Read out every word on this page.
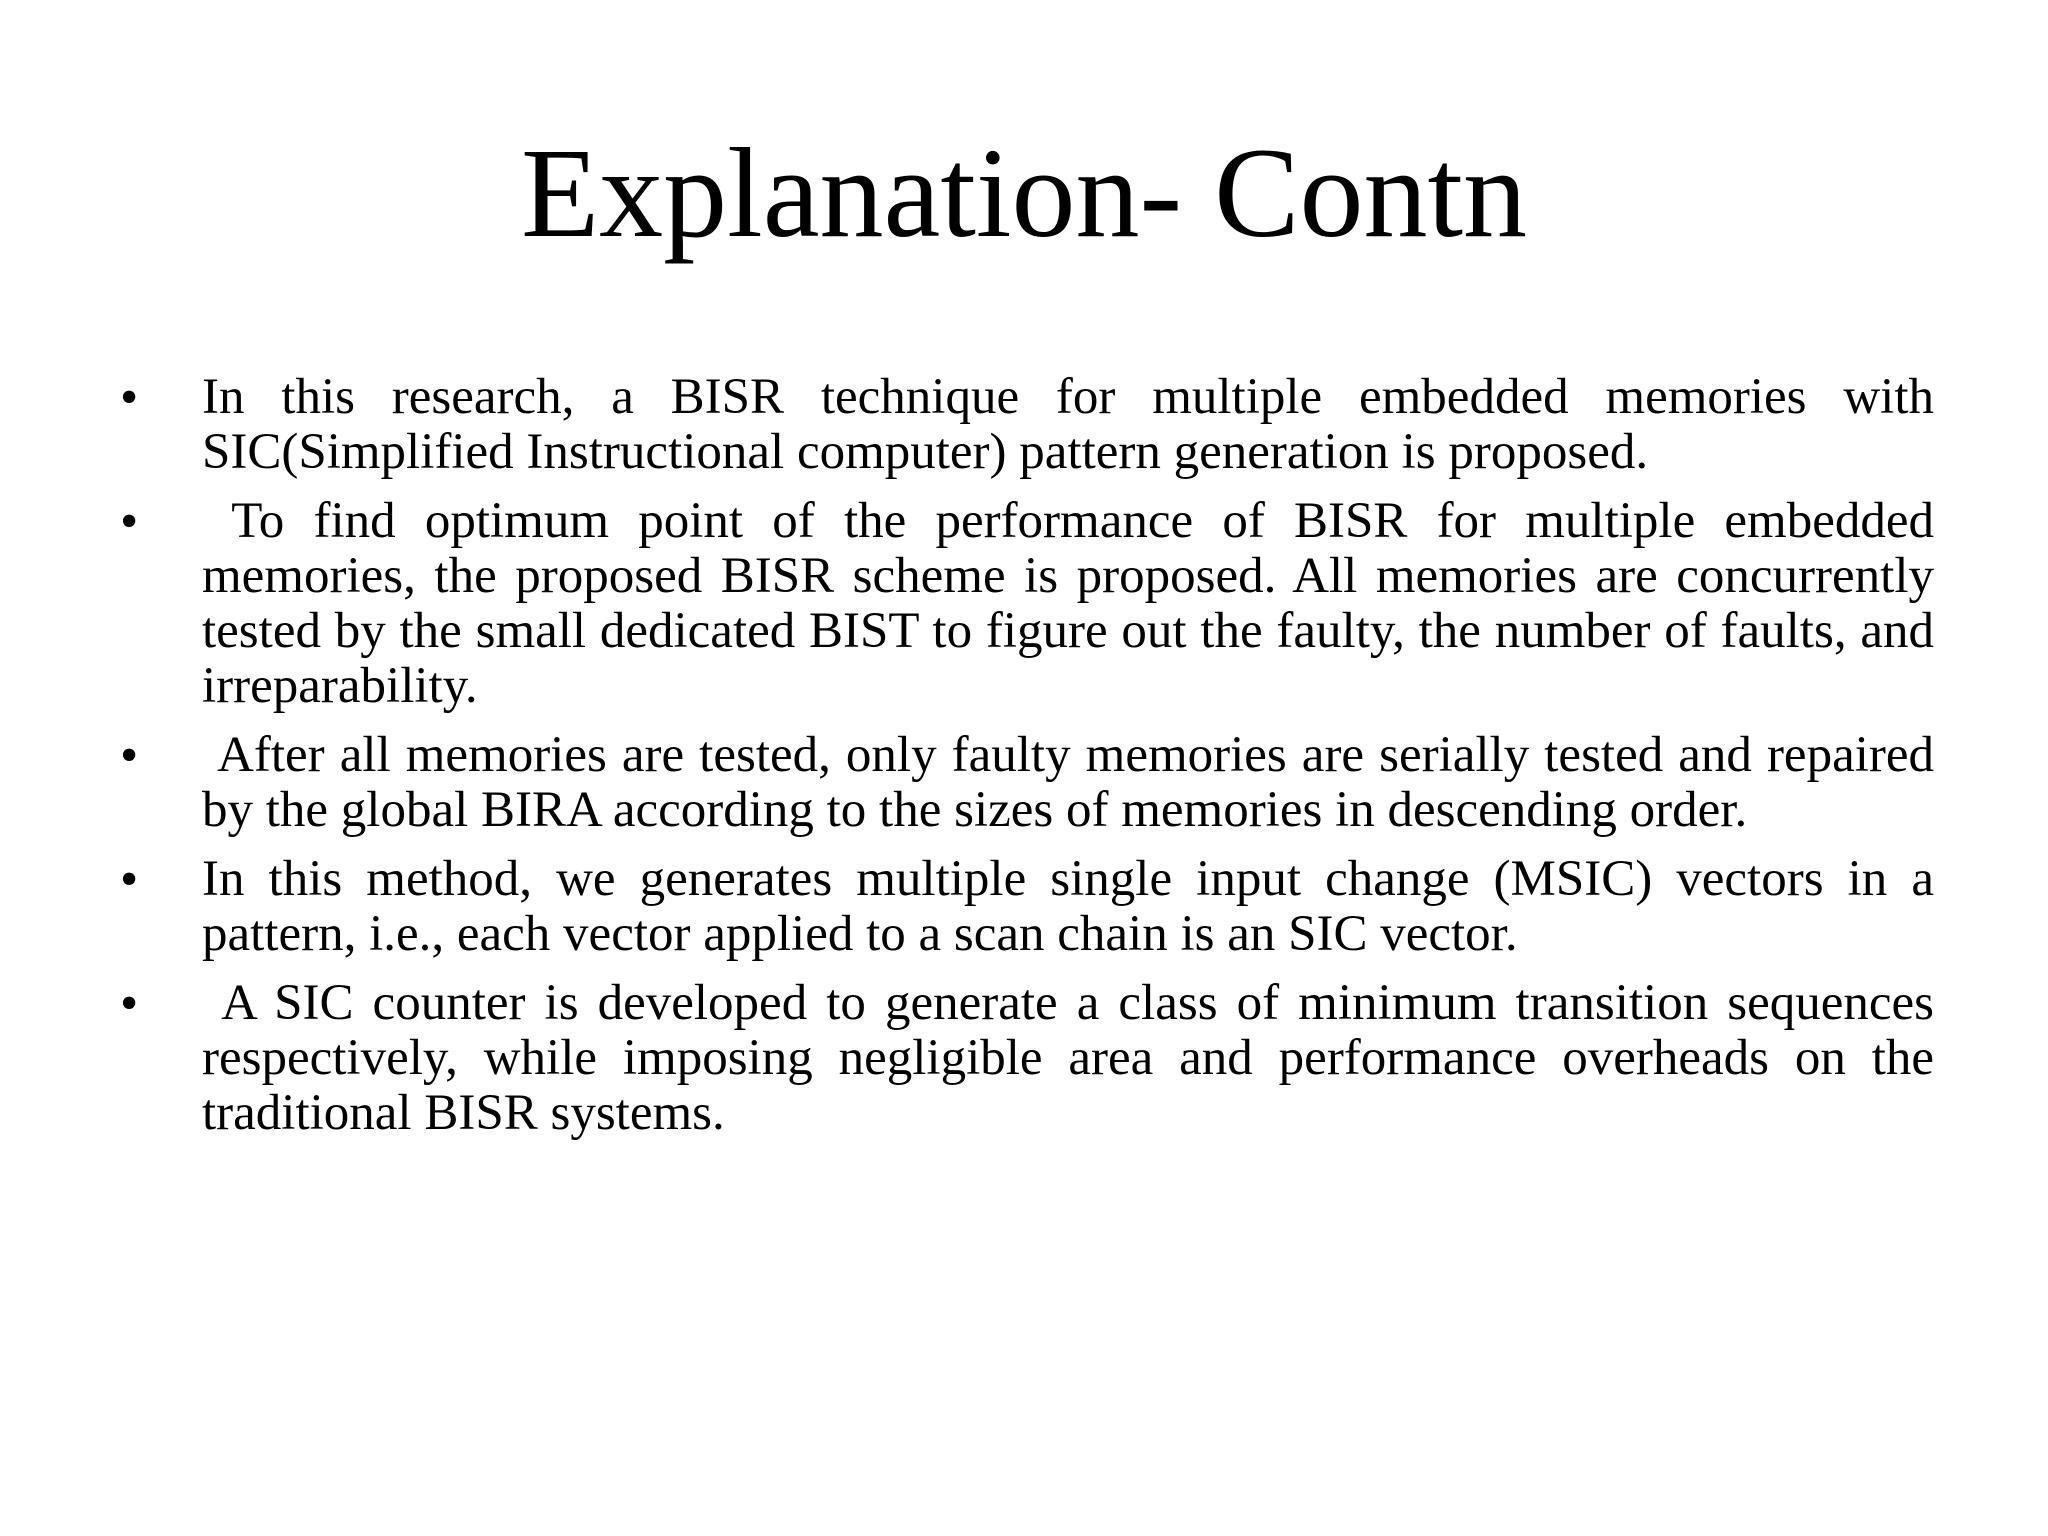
Explanation- Contn
• In this research, a BISR technique for multiple embedded memories with SIC(Simplified Instructional computer) pattern generation is proposed.
• To find optimum point of the performance of BISR for multiple embedded memories, the proposed BISR scheme is proposed. All memories are concurrently tested by the small dedicated BIST to figure out the faulty, the number of faults, and irreparability.
• After all memories are tested, only faulty memories are serially tested and repaired by the global BIRA according to the sizes of memories in descending order.
• In this method, we generates multiple single input change (MSIC) vectors in a pattern, i.e., each vector applied to a scan chain is an SIC vector.
• A SIC counter is developed to generate a class of minimum transition sequences respectively, while imposing negligible area and performance overheads on the traditional BISR systems.
